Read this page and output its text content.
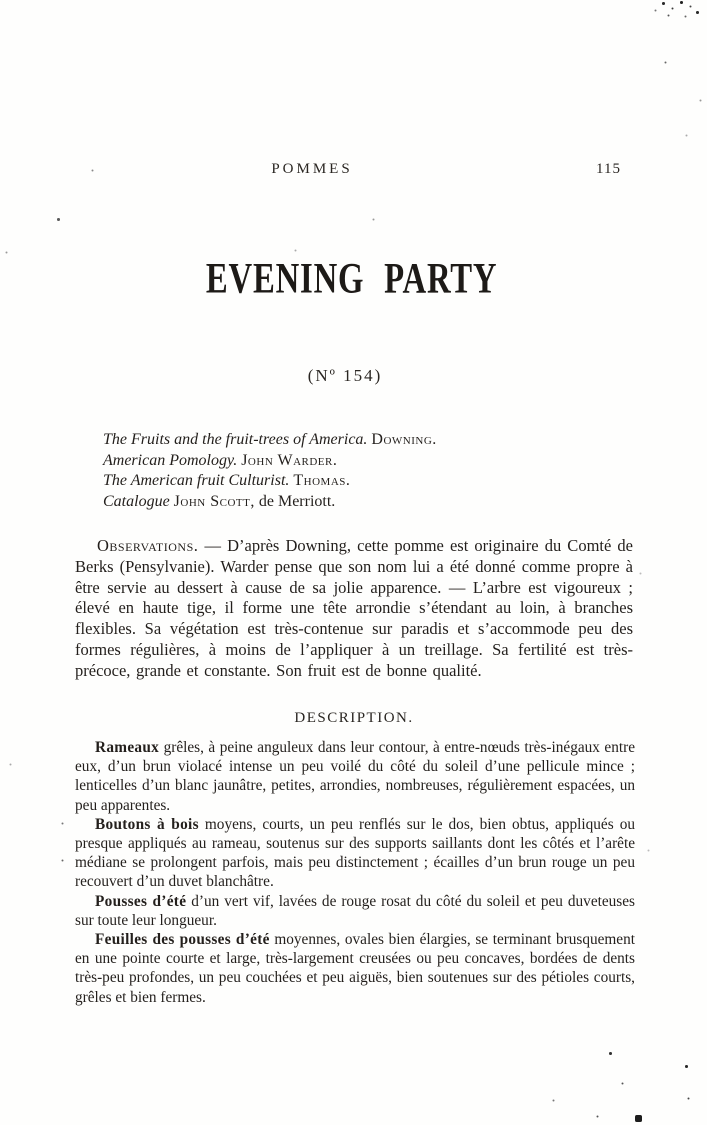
POMMES	115
EVENING PARTY
(Nº 154)
The Fruits and the fruit-trees of America. Downing.
American Pomology. John Warder.
The American fruit Culturist. Thomas.
Catalogue John Scott, de Merriott.

Observations. — D’après Downing, cette pomme est originaire du Comté de Berks (Pensylvanie). Warder pense que son nom lui a été donné comme propre à être servie au dessert à cause de sa jolie apparence. — L’arbre est vigoureux ; élevé en haute tige, il forme une tête arrondie s’étendant au loin, à branches flexibles. Sa végétation est très-contenue sur paradis et s’accommode peu des formes régulières, à moins de l’appliquer à un treillage. Sa fertilité est très-précoce, grande et constante. Son fruit est de bonne qualité.

DESCRIPTION.

Rameaux grêles, à peine anguleux dans leur contour, à entre-nœuds très-inégaux entre eux, d’un brun violacé intense un peu voilé du côté du soleil d’une pellicule mince ; lenticelles d’un blanc jaunâtre, petites, arrondies, nombreuses, régulièrement espacées, un peu apparentes.

Boutons à bois moyens, courts, un peu renflés sur le dos, bien obtus, appliqués ou presque appliqués au rameau, soutenus sur des supports saillants dont les côtés et l’arête médiane se prolongent parfois, mais peu distinctement ; écailles d’un brun rouge un peu recouvert d’un duvet blanchâtre.

Pousses d’été d’un vert vif, lavées de rouge rosat du côté du soleil et peu duveteuses sur toute leur longueur.

Feuilles des pousses d’été moyennes, ovales bien élargies, se terminant brusquement en une pointe courte et large, très-largement creusées ou peu concaves, bordées de dents très-peu profondes, un peu couchées et peu aiguës, bien soutenues sur des pétioles courts, grêles et bien fermes.
